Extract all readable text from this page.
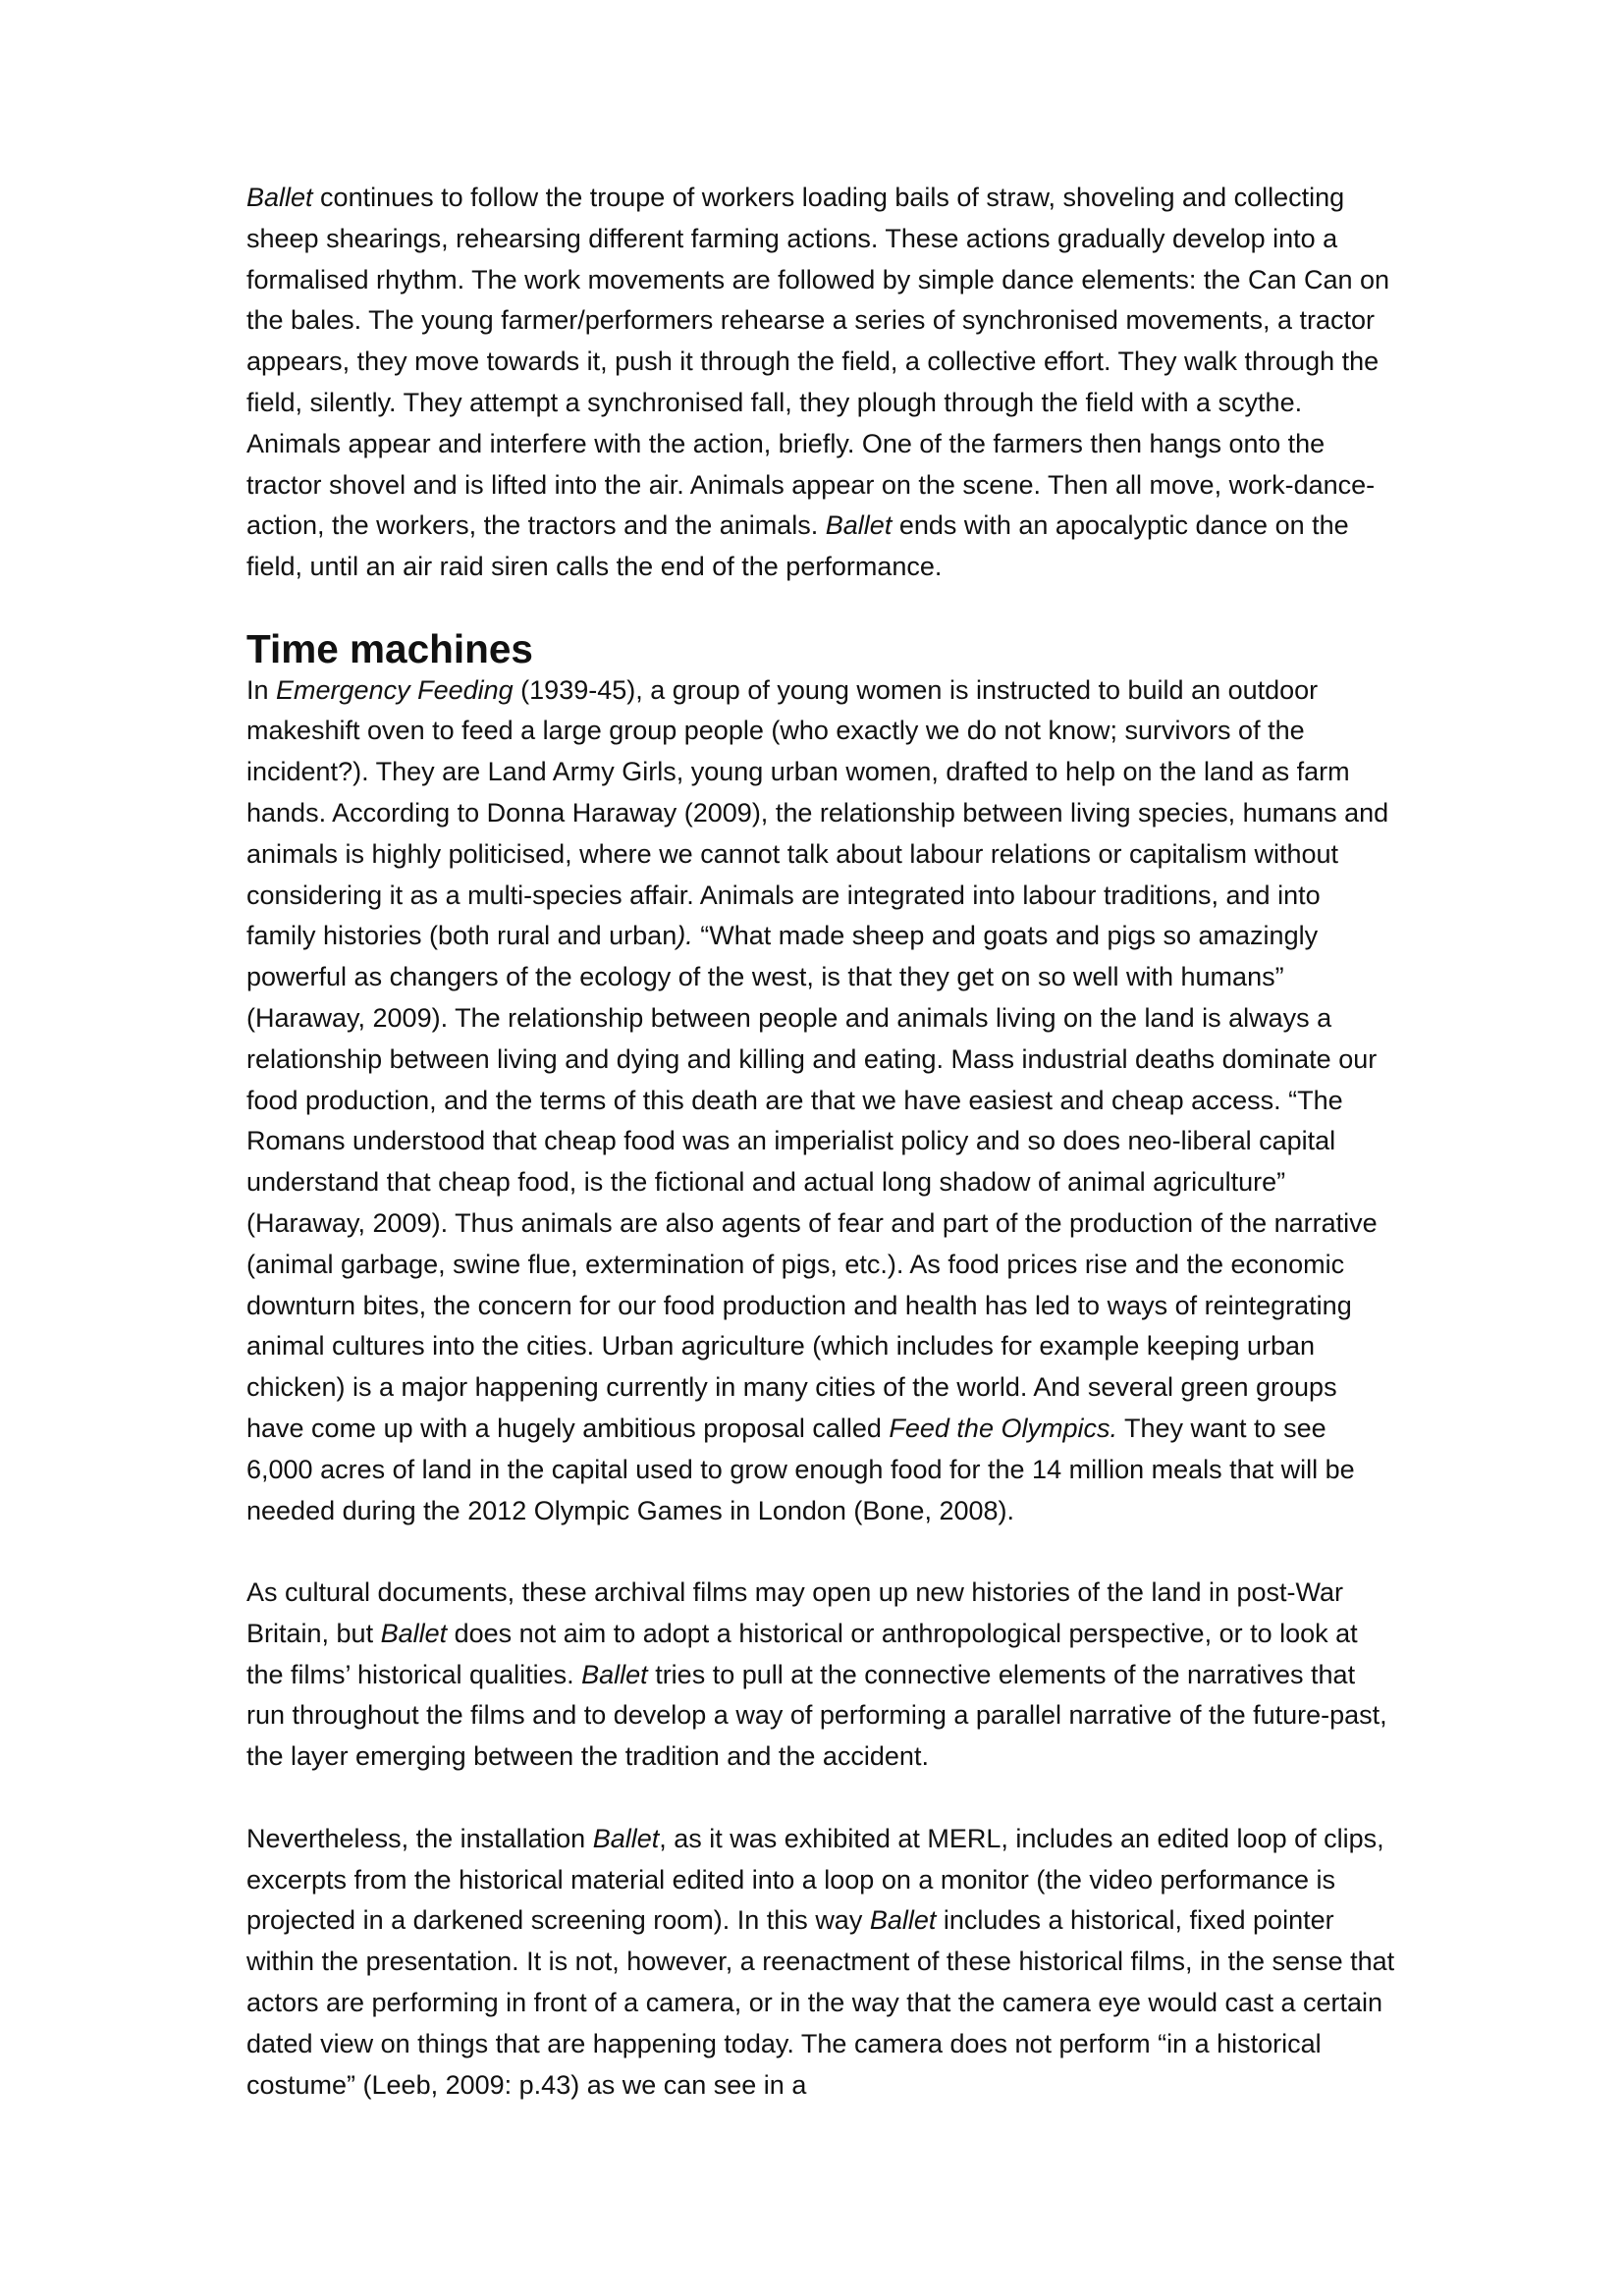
Ballet continues to follow the troupe of workers loading bails of straw, shoveling and collecting sheep shearings, rehearsing different farming actions. These actions gradually develop into a formalised rhythm. The work movements are followed by simple dance elements: the Can Can on the bales. The young farmer/performers rehearse a series of synchronised movements, a tractor appears, they move towards it, push it through the field, a collective effort. They walk through the field, silently. They attempt a synchronised fall, they plough through the field with a scythe. Animals appear and interfere with the action, briefly. One of the farmers then hangs onto the tractor shovel and is lifted into the air. Animals appear on the scene. Then all move, work-dance-action, the workers, the tractors and the animals. Ballet ends with an apocalyptic dance on the field, until an air raid siren calls the end of the performance.

Time machines

In Emergency Feeding (1939-45), a group of young women is instructed to build an outdoor makeshift oven to feed a large group people (who exactly we do not know; survivors of the incident?). They are Land Army Girls, young urban women, drafted to help on the land as farm hands. According to Donna Haraway (2009), the relationship between living species, humans and animals is highly politicised, where we cannot talk about labour relations or capitalism without considering it as a multi-species affair. Animals are integrated into labour traditions, and into family histories (both rural and urban). “What made sheep and goats and pigs so amazingly powerful as changers of the ecology of the west, is that they get on so well with humans” (Haraway, 2009). The relationship between people and animals living on the land is always a relationship between living and dying and killing and eating. Mass industrial deaths dominate our food production, and the terms of this death are that we have easiest and cheap access. “The Romans understood that cheap food was an imperialist policy and so does neo-liberal capital understand that cheap food, is the fictional and actual long shadow of animal agriculture” (Haraway, 2009). Thus animals are also agents of fear and part of the production of the narrative (animal garbage, swine flue, extermination of pigs, etc.). As food prices rise and the economic downturn bites, the concern for our food production and health has led to ways of reintegrating animal cultures into the cities. Urban agriculture (which includes for example keeping urban chicken) is a major happening currently in many cities of the world. And several green groups have come up with a hugely ambitious proposal called Feed the Olympics. They want to see 6,000 acres of land in the capital used to grow enough food for the 14 million meals that will be needed during the 2012 Olympic Games in London (Bone, 2008).

As cultural documents, these archival films may open up new histories of the land in post-War Britain, but Ballet does not aim to adopt a historical or anthropological perspective, or to look at the films’ historical qualities. Ballet tries to pull at the connective elements of the narratives that run throughout the films and to develop a way of performing a parallel narrative of the future-past, the layer emerging between the tradition and the accident.

Nevertheless, the installation Ballet, as it was exhibited at MERL, includes an edited loop of clips, excerpts from the historical material edited into a loop on a monitor (the video performance is projected in a darkened screening room). In this way Ballet includes a historical, fixed pointer within the presentation. It is not, however, a reenactment of these historical films, in the sense that actors are performing in front of a camera, or in the way that the camera eye would cast a certain dated view on things that are happening today. The camera does not perform “in a historical costume” (Leeb, 2009: p.43) as we can see in a
